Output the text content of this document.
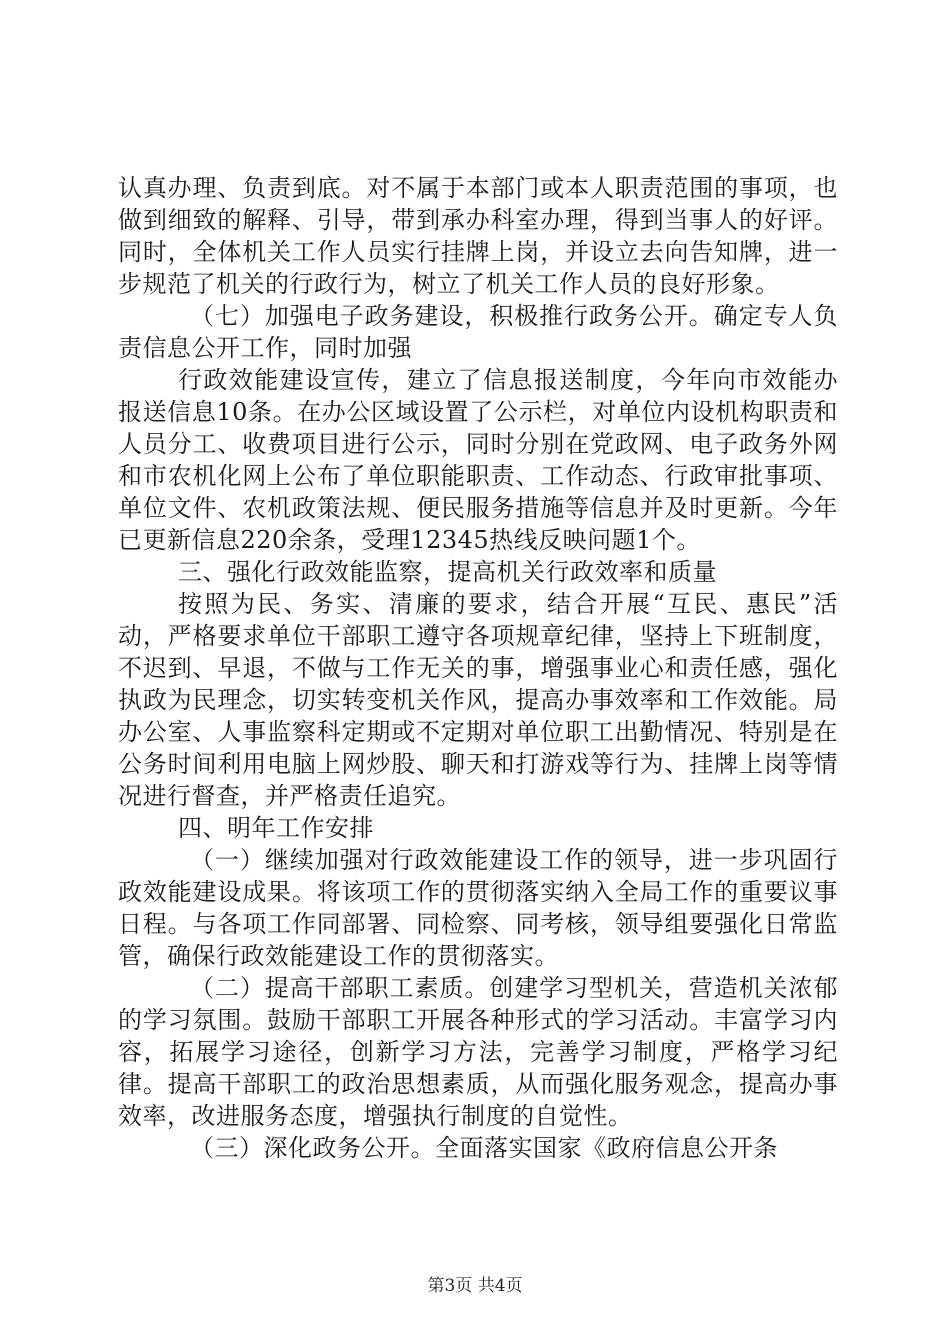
认真办理、负责到底。对不属于本部门或本人职责范围的事项，也做到细致的解释、引导，带到承办科室办理，得到当事人的好评。同时，全体机关工作人员实行挂牌上岗，并设立去向告知牌，进一步规范了机关的行政行为，树立了机关工作人员的良好形象。

（七）加强电子政务建设，积极推行政务公开。确定专人负责信息公开工作，同时加强

行政效能建设宣传，建立了信息报送制度，今年向市效能办报送信息10条。在办公区域设置了公示栏，对单位内设机构职责和人员分工、收费项目进行公示，同时分别在党政网、电子政务外网和市农机化网上公布了单位职能职责、工作动态、行政审批事项、单位文件、农机政策法规、便民服务措施等信息并及时更新。今年已更新信息220余条，受理12345热线反映问题1个。

三、强化行政效能监察，提高机关行政效率和质量

按照为民、务实、清廉的要求，结合开展“互民、惠民”活动，严格要求单位干部职工遵守各项规章纪律，坚持上下班制度，不迟到、早退，不做与工作无关的事，增强事业心和责任感，强化执政为民理念，切实转变机关作风，提高办事效率和工作效能。局办公室、人事监察科定期或不定期对单位职工出勤情况、特别是在公务时间利用电脑上网炒股、聊天和打游戏等行为、挂牌上岗等情况进行督查，并严格责任追究。

四、明年工作安排

（一）继续加强对行政效能建设工作的领导，进一步巩固行政效能建设成果。将该项工作的贯彻落实纳入全局工作的重要议事日程。与各项工作同部署、同检察、同考核，领导组要强化日常监管，确保行政效能建设工作的贯彻落实。

（二）提高干部职工素质。创建学习型机关，营造机关浓郁的学习氛围。鼓励干部职工开展各种形式的学习活动。丰富学习内容，拓展学习途径，创新学习方法，完善学习制度，严格学习纪律。提高干部职工的政治思想素质，从而强化服务观念，提高办事效率，改进服务态度，增强执行制度的自觉性。

（三）深化政务公开。全面落实国家《政府信息公开条

第3页 共4页
